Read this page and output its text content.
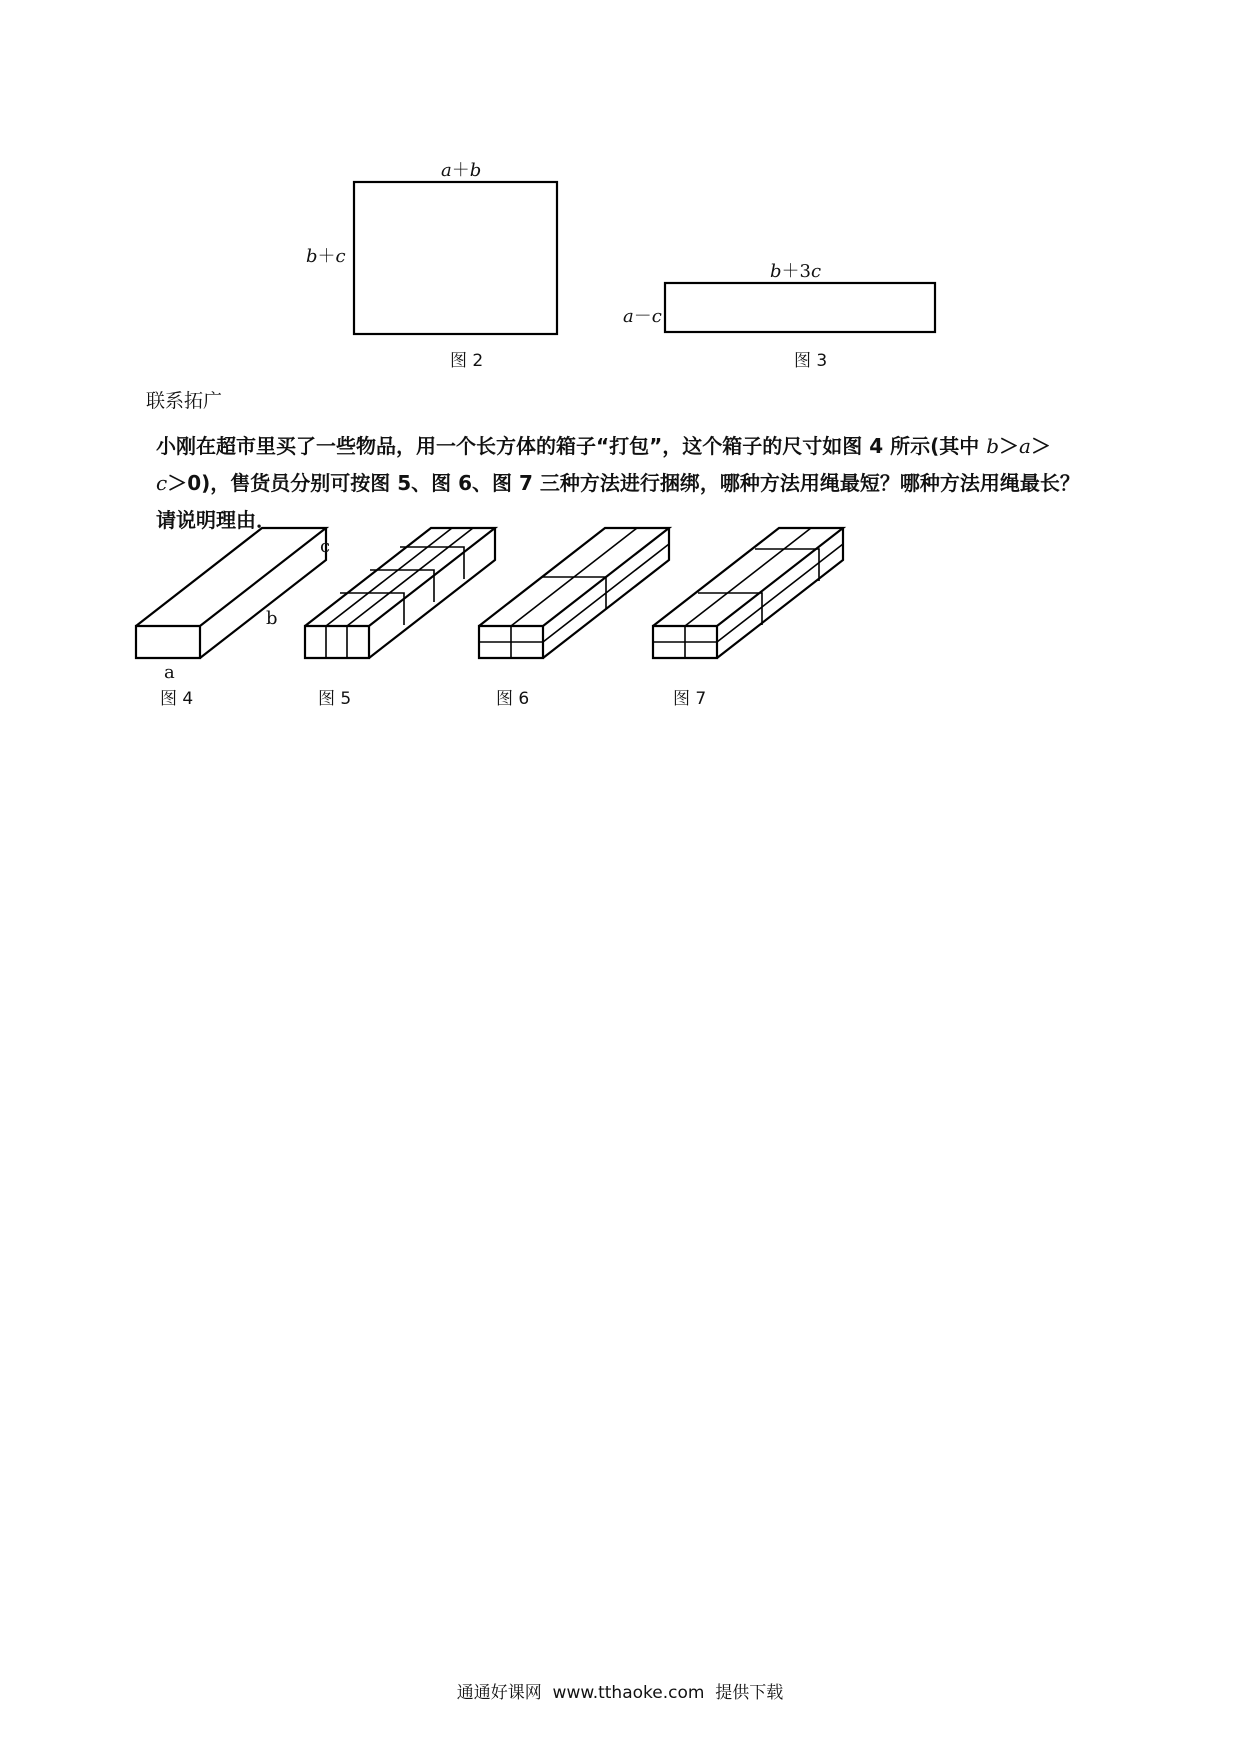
a＋b
b＋c
图 2
b＋3c
a－c
图 3
c
b
a
图 4	图 5	图 6	图 7

联系拓广

小刚在超市里买了一些物品，用一个长方体的箱子“打包”，这个箱子的尺寸如图 4 所示(其中 b＞a＞
c＞0)，售货员分别可按图 5、图 6、图 7 三种方法进行捆绑，哪种方法用绳最短？哪种方法用绳最长？
请说明理由．

通通好课网  www.tthaoke.com  提供下载
